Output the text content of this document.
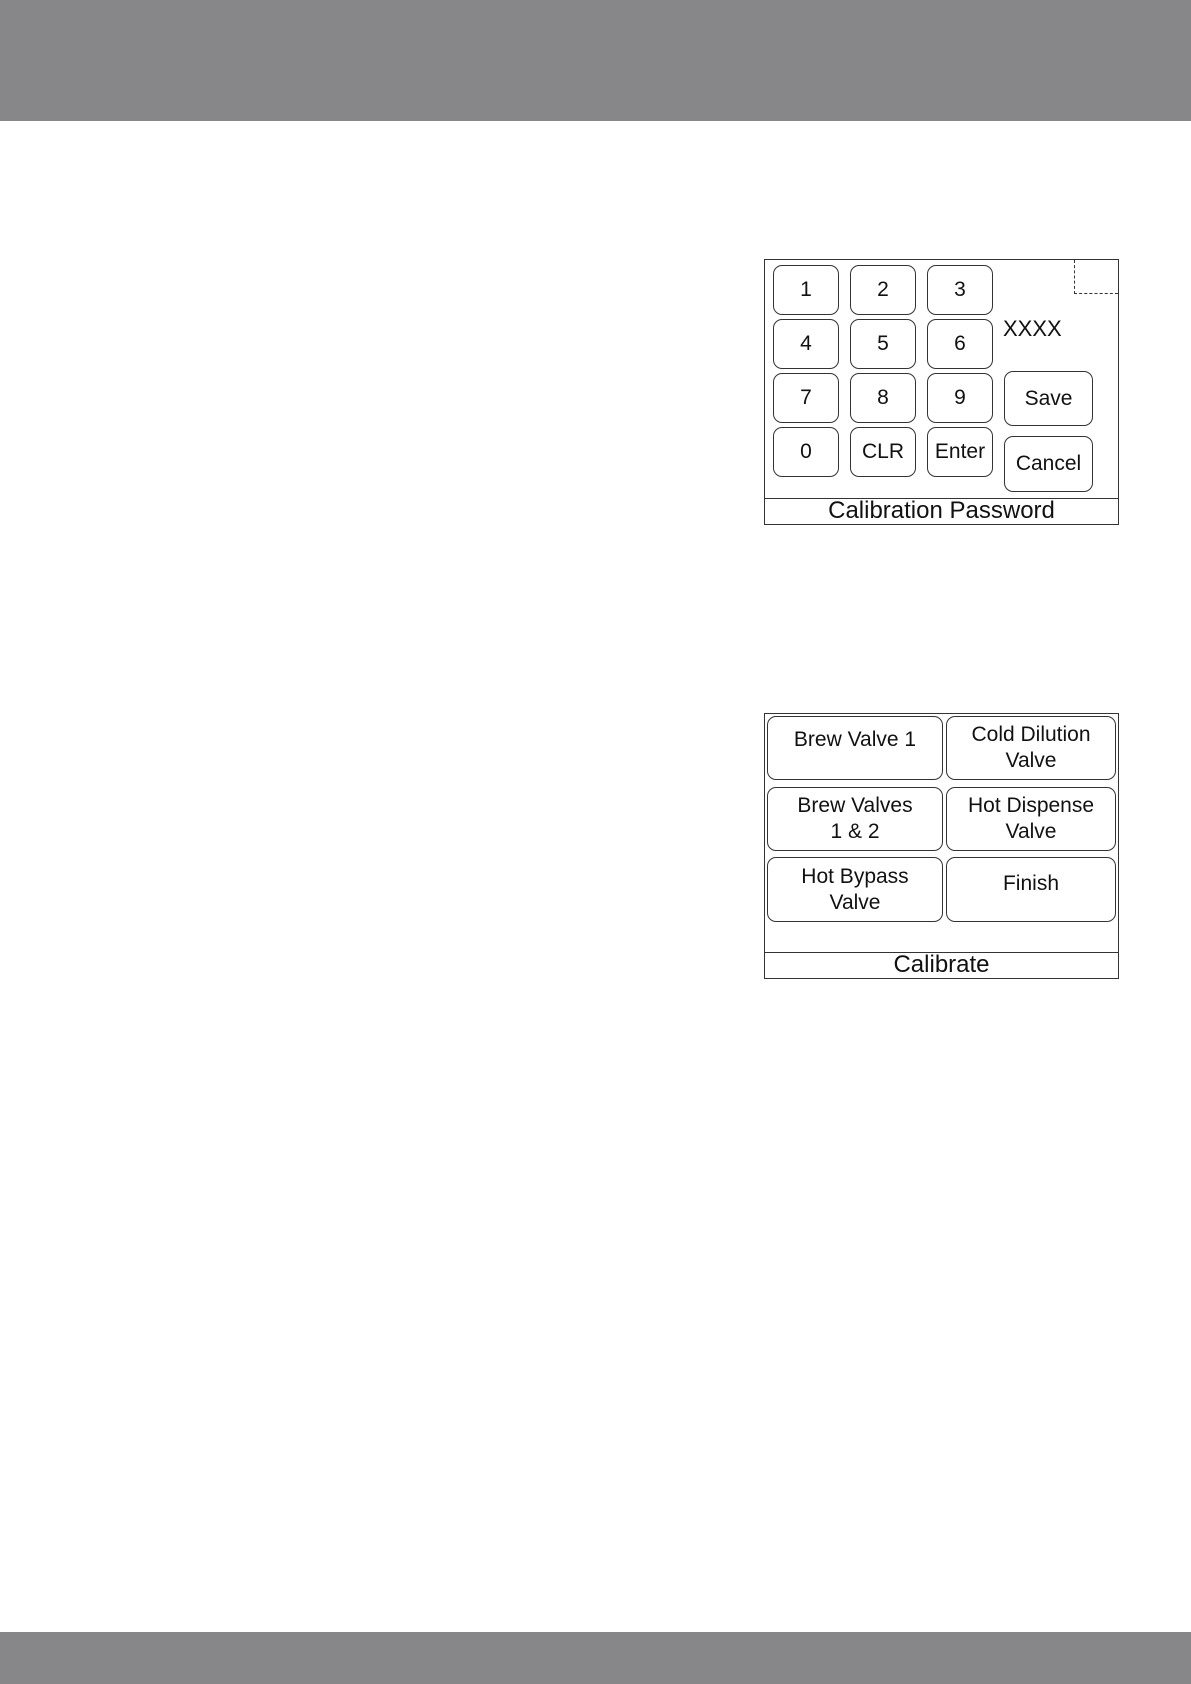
1	2	3
4	5	6
7	8	9
0	CLR	Enter
XXXX
Save
Cancel
Calibration Password
Brew Valve 1	Cold Dilution
Valve
Brew Valves
1 & 2
Hot Dispense
Valve
Hot Bypass
Valve
Finish
Calibrate
